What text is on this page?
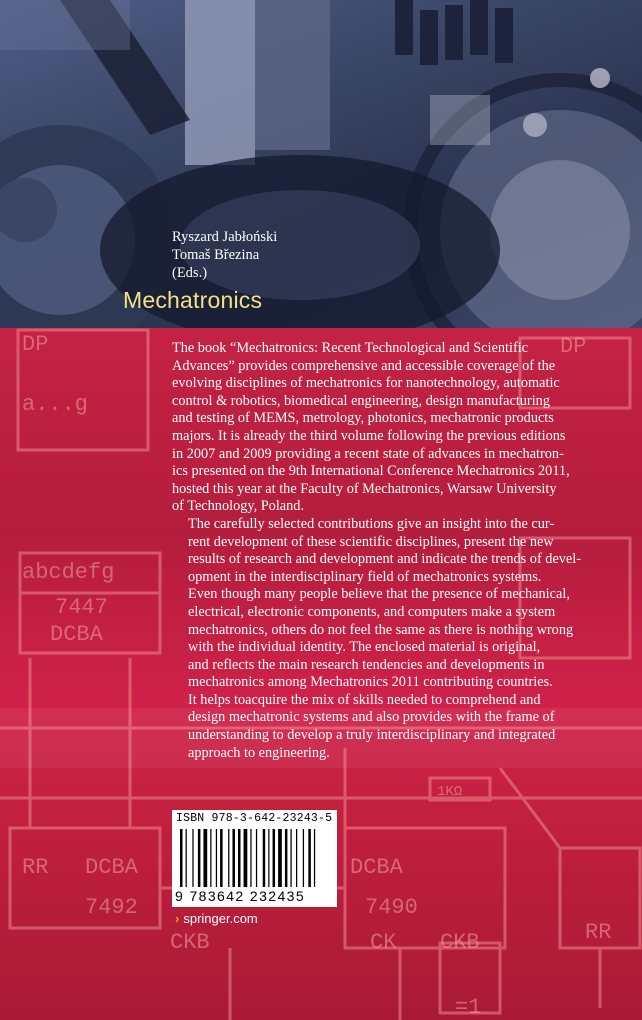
DP
a...g
DP
abcdefg
7447
DCBA
RR DCBA
7492
CKB
DCBA
7490
CK CKB	RR
1KΩ
=1
Ryszard Jabłoński
Tomaš Březina
(Eds.)
Mechatronics

The book “Mechatronics: Recent Technological and Scientific
Advances” provides comprehensive and accessible coverage of the
evolving disciplines of mechatronics for nanotechnology, automatic
control & robotics, biomedical engineering, design manufacturing
and testing of MEMS, metrology, photonics, mechatronic products
majors. It is already the third volume following the previous editions
in 2007 and 2009 providing a recent state of advances in mechatron-
ics presented on the 9th International Conference Mechatronics 2011,
hosted this year at the Faculty of Mechatronics, Warsaw University
of Technology, Poland.

The carefully selected contributions give an insight into the cur-
rent development of these scientific disciplines, present the new
results of research and development and indicate the trends of devel-
opment in the interdisciplinary field of mechatronics systems.
Even though many people believe that the presence of mechanical,
electrical, electronic components, and computers make a system
mechatronics, others do not feel the same as there is nothing wrong
with the individual identity. The enclosed material is original,
and reflects the main research tendencies and developments in
mechatronics among Mechatronics 2011 contributing countries.
It helps toacquire the mix of skills needed to comprehend and
design mechatronic systems and also provides with the frame of
understanding to develop a truly interdisciplinary and integrated
approach to engineering.

ISBN 978-3-642-23243-5
9 783642 232435
› springer.com
